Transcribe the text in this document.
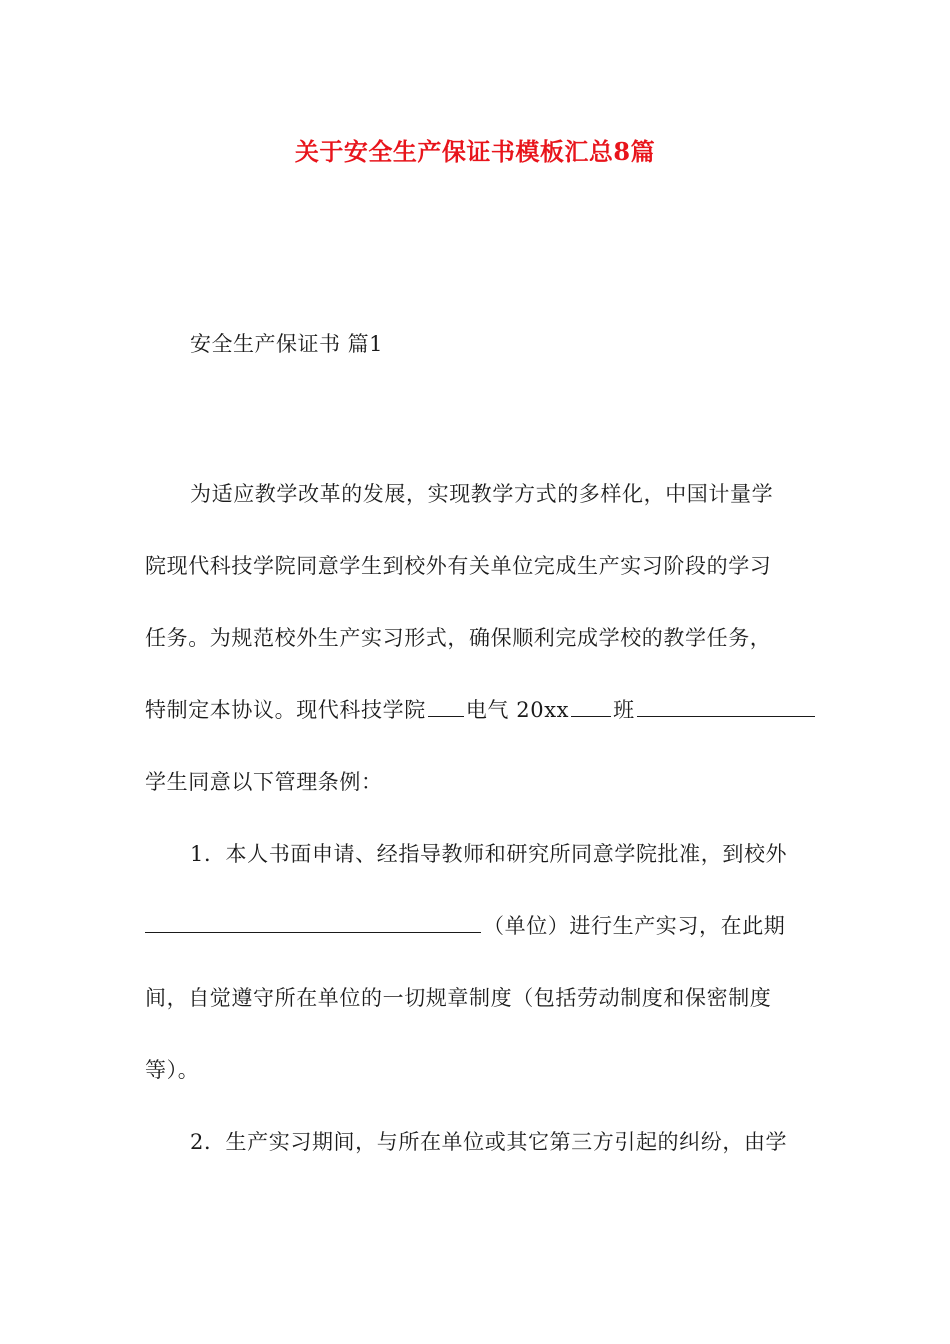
关于安全生产保证书模板汇总8篇
安全生产保证书 篇1
为适应教学改革的发展，实现教学方式的多样化，中国计量学
院现代科技学院同意学生到校外有关单位完成生产实习阶段的学习
任务。为规范校外生产实习形式，确保顺利完成学校的教学任务，
特制定本协议。现代科技学院 电气 20xx 班
学生同意以下管理条例：
1．本人书面申请、经指导教师和研究所同意学院批准，到校外
（单位）进行生产实习，在此期
间，自觉遵守所在单位的一切规章制度（包括劳动制度和保密制度
等）。
2．生产实习期间，与所在单位或其它第三方引起的纠纷，由学
